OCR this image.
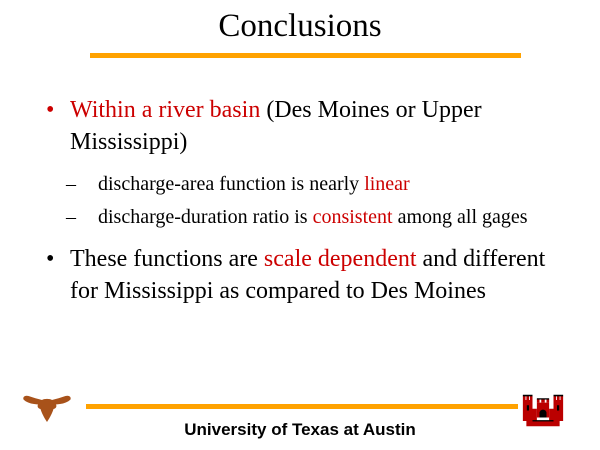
Conclusions
• Within a river basin (Des Moines or Upper Mississippi)
–	discharge-area function is nearly linear
–	discharge-duration ratio is consistent among all gages
• These functions are scale dependent and different for Mississippi as compared to Des Moines
University of Texas at Austin
